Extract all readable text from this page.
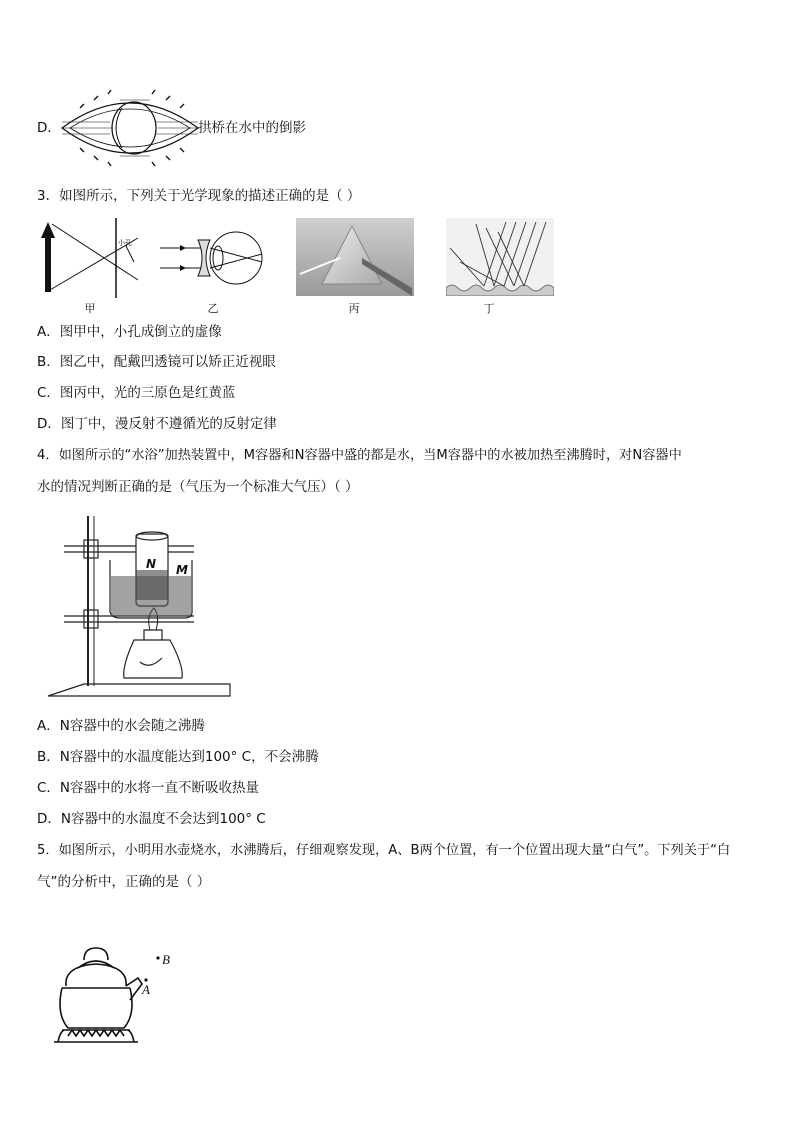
D．	拱桥在水中的倒影
3．如图所示，下列关于光学现象的描述正确的是（ ）
小孔
甲	乙	丙	丁
A．图甲中，小孔成倒立的虚像
B．图乙中，配戴凹透镜可以矫正近视眼
C．图丙中，光的三原色是红黄蓝
D．图丁中，漫反射不遵循光的反射定律
4．如图所示的“水浴”加热装置中，M容器和N容器中盛的都是水，当M容器中的水被加热至沸腾时，对N容器中
水的情况判断正确的是（气压为一个标准大气压）（ ）
N M
A．N容器中的水会随之沸腾
B．N容器中的水温度能达到100° C，不会沸腾
C．N容器中的水将一直不断吸收热量
D．N容器中的水温度不会达到100° C
5．如图所示，小明用水壶烧水，水沸腾后，仔细观察发现，A、B两个位置，有一个位置出现大量“白气”。下列关于“白
气”的分析中，正确的是（ ）
A
B
